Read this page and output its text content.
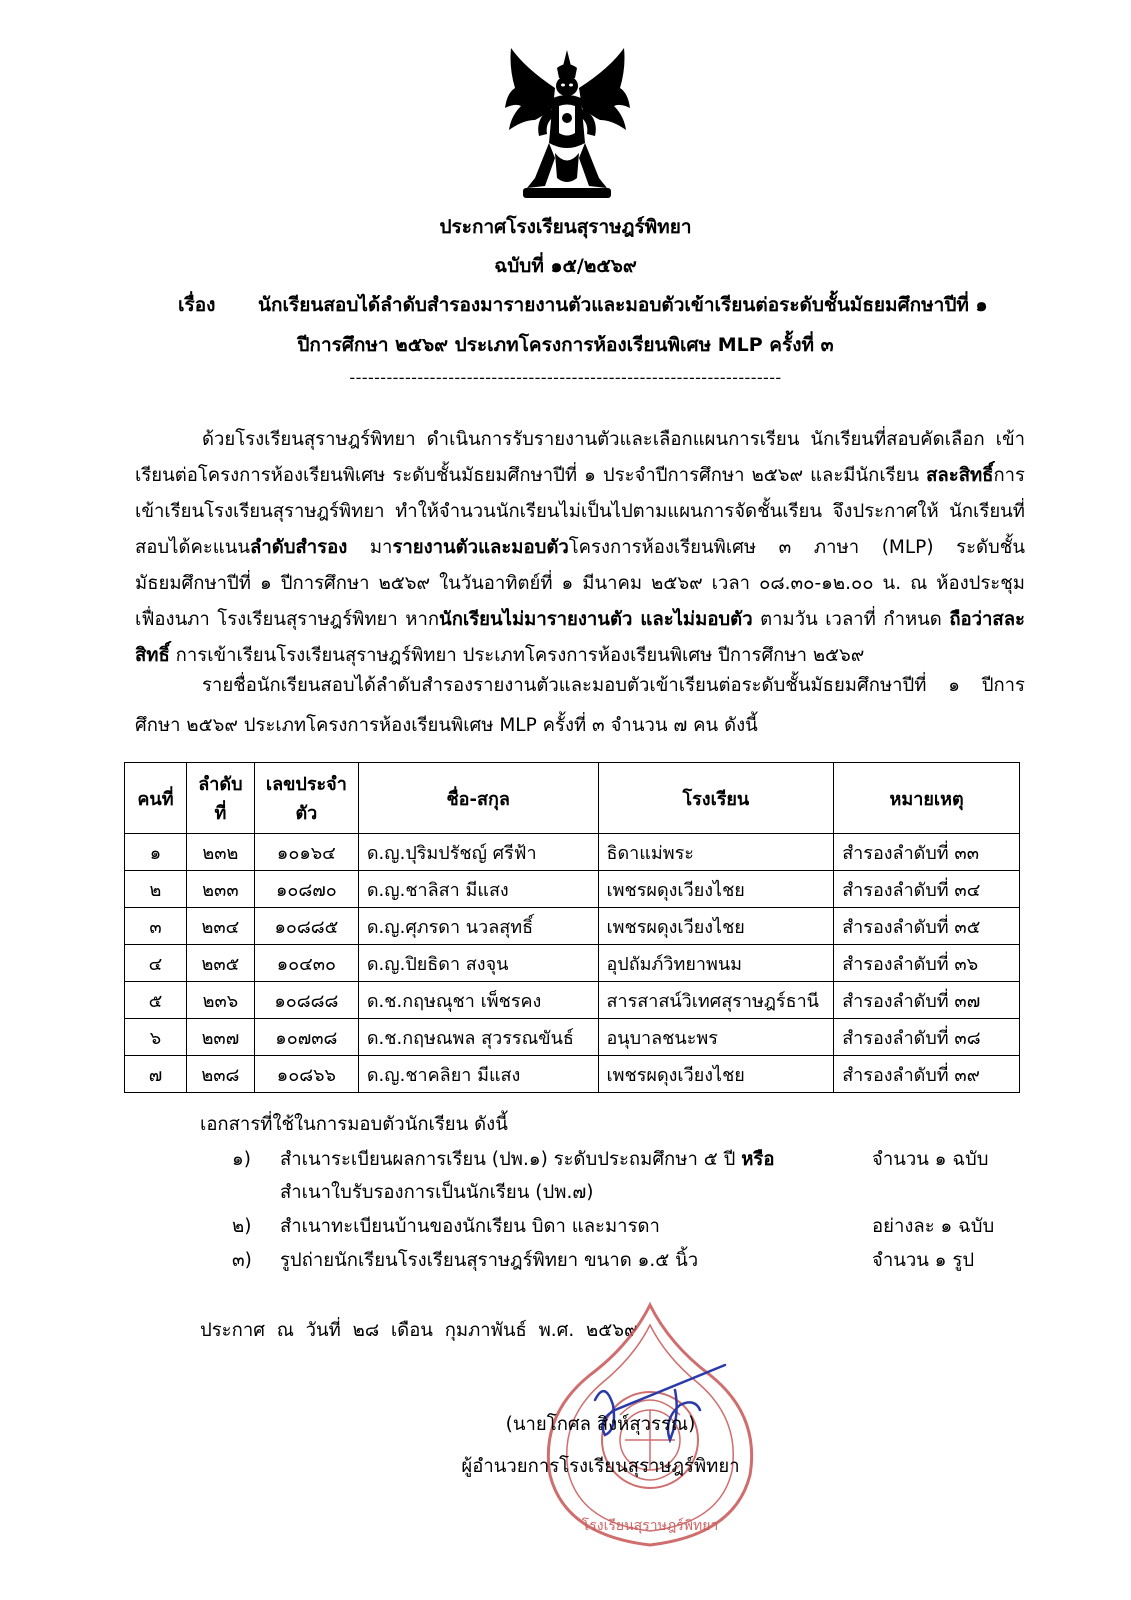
ประกาศโรงเรียนสุราษฎร์พิทยา
ฉบับที่ ๑๕/๒๕๖๙
เรื่อง นักเรียนสอบได้ลำดับสำรองมารายงานตัวและมอบตัวเข้าเรียนต่อระดับชั้นมัธยมศึกษาปีที่ ๑
ปีการศึกษา ๒๕๖๙ ประเภทโครงการห้องเรียนพิเศษ MLP ครั้งที่ ๓
----------------------------------------------------------------------
ด้วยโรงเรียนสุราษฎร์พิทยา ดำเนินการรับรายงานตัวและเลือกแผนการเรียน นักเรียนที่สอบคัดเลือก เข้าเรียนต่อโครงการห้องเรียนพิเศษ ระดับชั้นมัธยมศึกษาปีที่ ๑ ประจำปีการศึกษา ๒๕๖๙ และมีนักเรียน สละสิทธิ์การเข้าเรียนโรงเรียนสุราษฎร์พิทยา ทำให้จำนวนนักเรียนไม่เป็นไปตามแผนการจัดชั้นเรียน จึงประกาศให้ นักเรียนที่สอบได้คะแนนลำดับสำรอง มารายงานตัวและมอบตัวโครงการห้องเรียนพิเศษ ๓ ภาษา (MLP) ระดับชั้นมัธยมศึกษาปีที่ ๑ ปีการศึกษา ๒๕๖๙ ในวันอาทิตย์ที่ ๑ มีนาคม ๒๕๖๙ เวลา ๐๘.๓๐-๑๒.๐๐ น. ณ ห้องประชุมเฟื่องนภา โรงเรียนสุราษฎร์พิทยา หากนักเรียนไม่มารายงานตัว และไม่มอบตัว ตามวัน เวลาที่ กำหนด ถือว่าสละสิทธิ์ การเข้าเรียนโรงเรียนสุราษฎร์พิทยา ประเภทโครงการห้องเรียนพิเศษ ปีการศึกษา ๒๕๖๙
รายชื่อนักเรียนสอบได้ลำดับสำรองรายงานตัวและมอบตัวเข้าเรียนต่อระดับชั้นมัธยมศึกษาปีที่ ๑ ปีการศึกษา ๒๕๖๙ ประเภทโครงการห้องเรียนพิเศษ MLP ครั้งที่ ๓ จำนวน ๗ คน ดังนี้
คนที่	ลำดับที่	เลขประจำตัว	ชื่อ-สกุล	โรงเรียน	หมายเหตุ
๑	๒๓๒	๑๐๑๖๔	ด.ญ.ปุริมปรัชญ์ ศรีฟ้า	ธิดาแม่พระ	สำรองลำดับที่ ๓๓
๒	๒๓๓	๑๐๘๗๐	ด.ญ.ชาลิสา มีแสง	เพชรผดุงเวียงไชย	สำรองลำดับที่ ๓๔
๓	๒๓๔	๑๐๘๘๕	ด.ญ.ศุภรดา นวลสุทธิ์	เพชรผดุงเวียงไชย	สำรองลำดับที่ ๓๕
๔	๒๓๕	๑๐๔๓๐	ด.ญ.ปิยธิดา สงจุน	อุปถัมภ์วิทยาพนม	สำรองลำดับที่ ๓๖
๕	๒๓๖	๑๐๘๘๘	ด.ช.กฤษณุชา เพ็ชรคง	สารสาสน์วิเทศสุราษฎร์ธานี	สำรองลำดับที่ ๓๗
๖	๒๓๗	๑๐๗๓๘	ด.ช.กฤษณพล สุวรรณขันธ์	อนุบาลชนะพร	สำรองลำดับที่ ๓๘
๗	๒๓๘	๑๐๘๖๖	ด.ญ.ชาคลิยา มีแสง	เพชรผดุงเวียงไชย	สำรองลำดับที่ ๓๙
เอกสารที่ใช้ในการมอบตัวนักเรียน ดังนี้
๑) สำเนาระเบียนผลการเรียน (ปพ.๑) ระดับประถมศึกษา ๕ ปี หรือ	จำนวน ๑ ฉบับ
สำเนาใบรับรองการเป็นนักเรียน (ปพ.๗)
๒) สำเนาทะเบียนบ้านของนักเรียน บิดา และมารดา	อย่างละ ๑ ฉบับ
๓) รูปถ่ายนักเรียนโรงเรียนสุราษฎร์พิทยา ขนาด ๑.๕ นิ้ว	จำนวน ๑ รูป
ประกาศ  ณ  วันที่  ๒๘  เดือน  กุมภาพันธ์  พ.ศ.  ๒๕๖๙
โรงเรียนสุราษฎร์พิทยา
(นายโกศล สิงห์สุวรรณ)
ผู้อำนวยการโรงเรียนสุราษฎร์พิทยา
